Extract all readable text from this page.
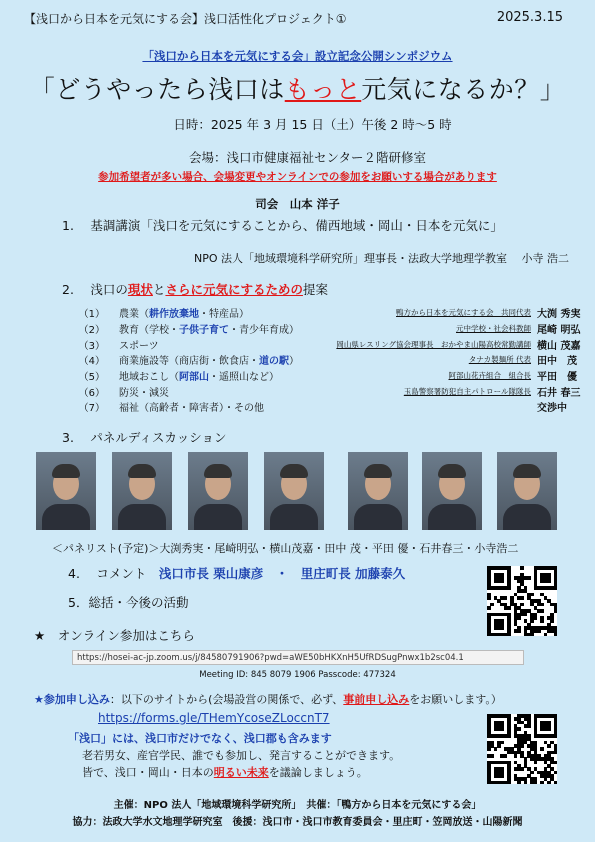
【浅口から日本を元気にする会】浅口活性化プロジェクト①	2025.3.15
「浅口から日本を元気にする会」設立記念公開シンポジウム
「どうやったら浅口はもっと元気になるか？」
日時：2025 年 3 月 15 日（土）午後 2 時〜5 時
会場：浅口市健康福祉センター２階研修室
参加希望者が多い場合、会場変更やオンラインでの参加をお願いする場合があります
司会　山本 洋子
1.　 基調講演「浅口を元気にすることから、備西地域・岡山・日本を元気に」
NPO 法人「地域環境科学研究所」理事長・法政大学地理学教室　 小寺 浩二
2.　 浅口の現状とさらに元気にするための提案
（1）	農業（耕作放棄地・特産品）	鴨方から日本を元気にする会　共同代表	大渕 秀実
（2）	教育（学校・子供子育て・青少年育成）	元中学校・社会科教師	尾崎 明弘
（3）	スポーツ	岡山県レスリング協会理事長　おかやま山陽高校常勤講師	横山 茂嘉
（4）	商業施設等（商店街・飲食店・道の駅）	タナカ製麺所 代表	田中　茂
（5）	地域おこし（阿部山・遥照山など）	阿部山花卉組合　組合長	平田　優
（6）	防災・減災	玉島警察署防犯自主パトロール隊隊長	石井 春三
（7）	福祉（高齢者・障害者）・その他		交渉中
3.　 パネルディスカッション
＜パネリスト(予定)＞大渕秀実・尾崎明弘・横山茂嘉・田中 茂・平田 優・石井春三・小寺浩二
4.　 コメント　浅口市長 栗山康彦　・　里庄町長 加藤泰久
5．総括・今後の活動
★　オンライン参加はこちら
https://hosei-ac-jp.zoom.us/j/84580791906?pwd=aWE50bHKXnH5UfRDSugPnwx1b2sc04.1
Meeting ID: 845 8079 1906 Passcode: 477324
★参加申し込み：以下のサイトから(会場設営の関係で、必ず、事前申し込みをお願いします。）
https://forms.gle/THemYcoseZLoccnT7
「浅口」には、浅口市だけでなく、浅口郡も含みます
老若男女、産官学民、誰でも参加し、発言することができます。
皆で、浅口・岡山・日本の明るい未来を議論しましょう。
主催：NPO 法人「地域環境科学研究所」　共催：「鴨方から日本を元気にする会」
協力：法政大学水文地理学研究室　後援：浅口市・浅口市教育委員会・里庄町・笠岡放送・山陽新聞
